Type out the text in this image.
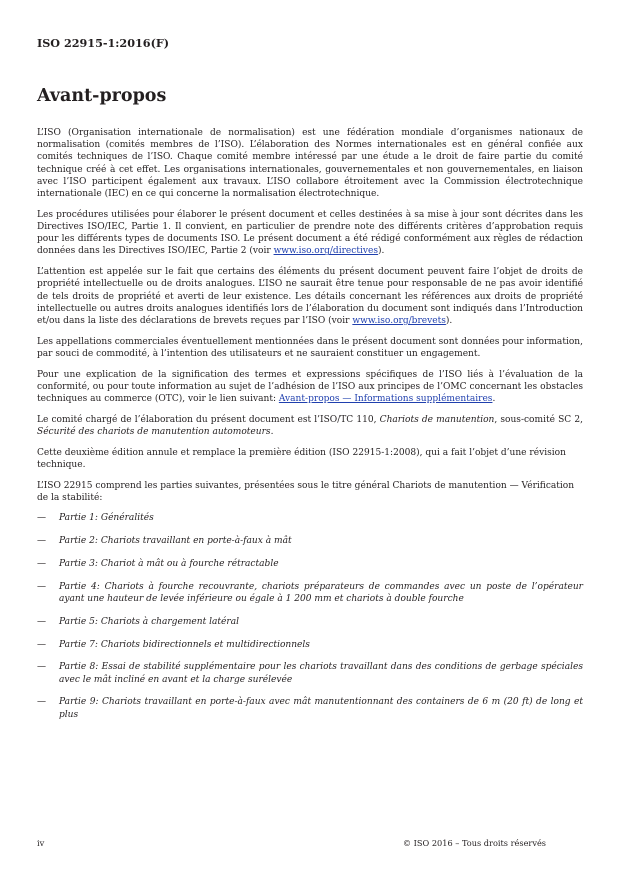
ISO 22915-1:2016(F)
Avant-propos

L’ISO (Organisation internationale de normalisation) est une fédération mondiale d’organismes nationaux de normalisation (comités membres de l’ISO). L’élaboration des Normes internationales est en général confiée aux comités techniques de l’ISO. Chaque comité membre intéressé par une étude a le droit de faire partie du comité technique créé à cet effet. Les organisations internationales, gouvernementales et non gouvernementales, en liaison avec l’ISO participent également aux travaux. L’ISO collabore étroitement avec la Commission électrotechnique internationale (IEC) en ce qui concerne la normalisation électrotechnique.

Les procédures utilisées pour élaborer le présent document et celles destinées à sa mise à jour sont décrites dans les Directives ISO/IEC, Partie 1. Il convient, en particulier de prendre note des différents critères d’approbation requis pour les différents types de documents ISO. Le présent document a été rédigé conformément aux règles de rédaction données dans les Directives ISO/IEC, Partie 2 (voir www.iso.org/directives).

L’attention est appelée sur le fait que certains des éléments du présent document peuvent faire l’objet de droits de propriété intellectuelle ou de droits analogues. L’ISO ne saurait être tenue pour responsable de ne pas avoir identifié de tels droits de propriété et averti de leur existence. Les détails concernant les références aux droits de propriété intellectuelle ou autres droits analogues identifiés lors de l’élaboration du document sont indiqués dans l’Introduction et/ou dans la liste des déclarations de brevets reçues par l’ISO (voir www.iso.org/brevets).

Les appellations commerciales éventuellement mentionnées dans le présent document sont données pour information, par souci de commodité, à l’intention des utilisateurs et ne sauraient constituer un engagement.

Pour une explication de la signification des termes et expressions spécifiques de l’ISO liés à l’évaluation de la conformité, ou pour toute information au sujet de l’adhésion de l’ISO aux principes de l’OMC concernant les obstacles techniques au commerce (OTC), voir le lien suivant: Avant-propos — Informations supplémentaires.

Le comité chargé de l’élaboration du présent document est l’ISO/TC 110, Chariots de manutention, sous-comité SC 2, Sécurité des chariots de manutention automoteurs.

Cette deuxième édition annule et remplace la première édition (ISO 22915-1:2008), qui a fait l’objet d’une révision technique.

L’ISO 22915 comprend les parties suivantes, présentées sous le titre général Chariots de manutention — Vérification de la stabilité:

— Partie 1: Généralités
— Partie 2: Chariots travaillant en porte-à-faux à mât
— Partie 3: Chariot à mât ou à fourche rétractable
— Partie 4: Chariots à fourche recouvrante, chariots préparateurs de commandes avec un poste de l’opérateur ayant une hauteur de levée inférieure ou égale à 1 200 mm et chariots à double fourche
— Partie 5: Chariots à chargement latéral
— Partie 7: Chariots bidirectionnels et multidirectionnels
— Partie 8: Essai de stabilité supplémentaire pour les chariots travaillant dans des conditions de gerbage spéciales avec le mât incliné en avant et la charge surélevée
— Partie 9: Chariots travaillant en porte-à-faux avec mât manutentionnant des containers de 6 m (20 ft) de long et plus
iv	© ISO 2016 – Tous droits réservés
